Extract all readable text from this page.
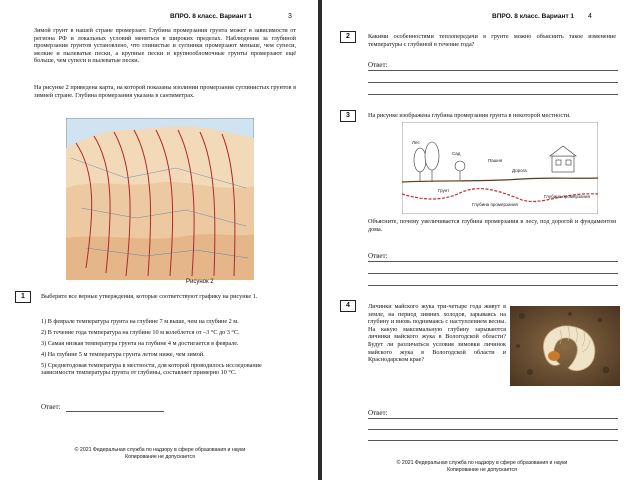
ВПРО. 8 класс. Вариант 1	3
Зимой грунт в нашей стране промерзает. Глубина промерзания грунта может в зависимости от региона РФ и локальных условий меняться в широких пределах. Наблюдения за глубиной промерзания грунтов установлено, что глинистые и суглинки промерзают меньше, чем супеси, мелкие и пылеватые пески, а крупные пески и крупнообломочные грунты промерзают ещё больше, чем супеси и пылеватые пески.
На рисунке 2 приведена карта, на которой показаны изолинии промерзания суглинистых грунтов в зимней стране. Глубина промерзания указана в сантиметрах.
Рисунок 2
1	Выберите все верные утверждения, которые соответствуют графику на рисунке 1.
1) В феврале температура грунта на глубине 7 м выше, чем на глубине 2 м.
2) В течение года температура на глубине 10 м колеблется от –3 °С до 3 °С.
3) Самая низкая температура грунта на глубине 4 м достигается в феврале.
4) На глубине 5 м температура грунта летом ниже, чем зимой.
5) Среднегодовая температура в местности, для которой проводилось исследование зависимости температуры грунта от глубины, составляет примерно 10 °С.
Ответ:
© 2021 Федеральная служба по надзору в сфере образования и науки
Копирование не допускается
ВПРО. 8 класс. Вариант 1 4
2	Какими особенностями теплопередачи в грунте можно объяснить такое изменение температуры с глубиной в течение года?
Ответ:
3	На рисунке изображена глубина промерзания грунта в некоторой местности.
Лес
Сад
Пашня
Дорога
Грунт
Глубина промерзания
Глубина промерзания
Объясните, почему увеличивается глубина промерзания в лесу, под дорогой и фундаментом дома.
Ответ:
4	Личинки майского жука три-четыре года живут в земле, на период зимних холодов, зарываясь на глубину и вновь поднимаясь с наступлением весны. На какую максимальную глубину зарываются личинки майского жука в Вологодской области? Будут ли различаться условия зимовки личинок майского жука в Вологодской области и Краснодарском крае?
Ответ:
© 2021 Федеральная служба по надзору в сфере образования и науки
Копирование не допускается
